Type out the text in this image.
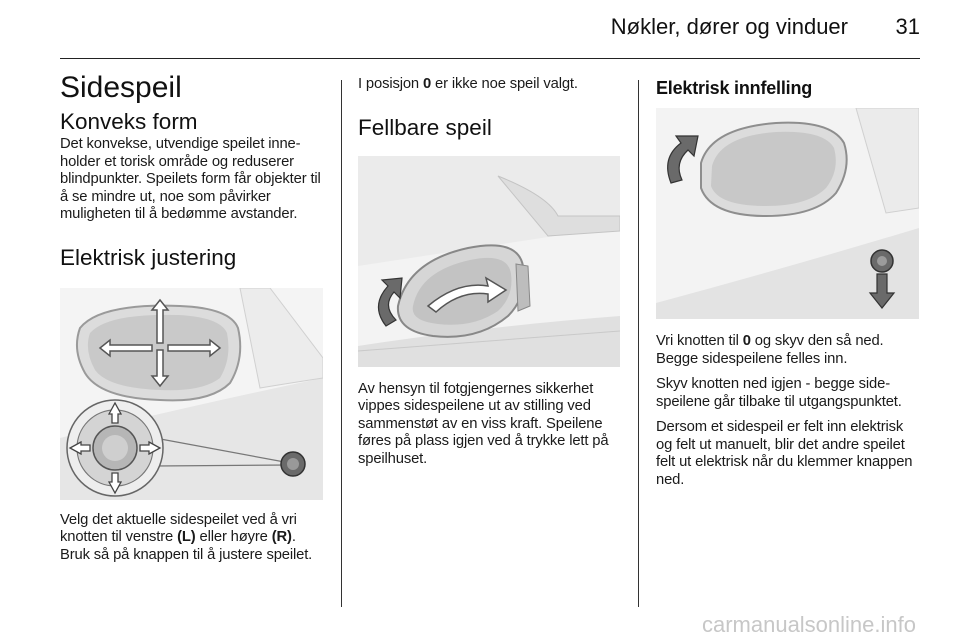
Nøkler, dører og vinduer 31
Sidespeil
Konveks form

Det konvekse, utvendige speilet inneholder et torisk område og reduserer blindpunkter. Speilets form får objekter til å se mindre ut, noe som påvirker muligheten til å bedømme avstander.

Elektrisk justering

Velg det aktuelle sidespeilet ved å vri knotten til venstre (L) eller høyre (R). Bruk så på knappen til å justere speilet.

I posisjon 0 er ikke noe speil valgt.

Fellbare speil

Av hensyn til fotgjengernes sikkerhet vippes sidespeilene ut av stilling ved sammenstøt av en viss kraft. Speilene føres på plass igjen ved å trykke lett på speilhuset.

Elektrisk innfelling

Vri knotten til 0 og skyv den så ned. Begge sidespeilene felles inn.

Skyv knotten ned igjen - begge sidespeilene går tilbake til utgangspunktet.

Dersom et sidespeil er felt inn elektrisk og felt ut manuelt, blir det andre speilet felt ut elektrisk når du klemmer knappen ned.

carmanualsonline.info
